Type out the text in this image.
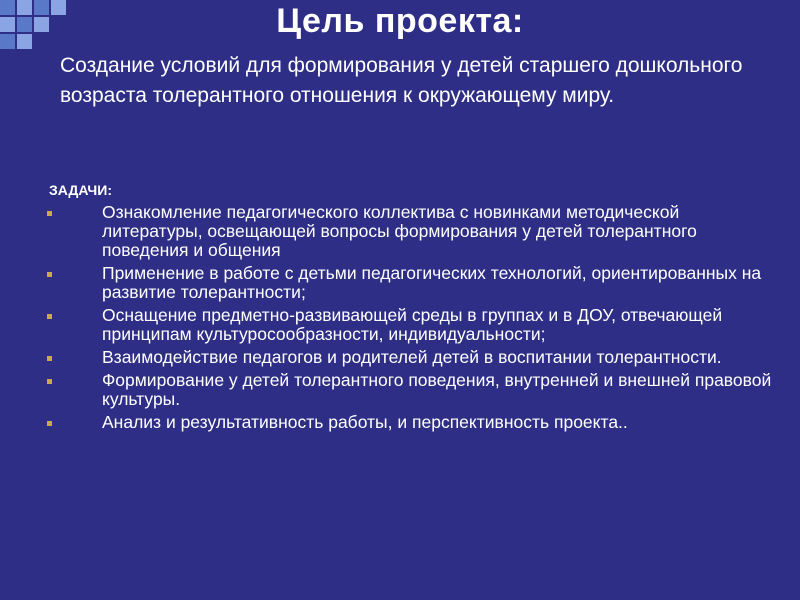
Цель проекта:

Создание условий для формирования у детей старшего дошкольного возраста толерантного отношения к окружающему миру.

ЗАДАЧИ:

Ознакомление педагогического коллектива с новинками методической литературы, освещающей вопросы формирования у детей толерантного поведения и общения
Применение в работе с детьми педагогических технологий, ориентированных на развитие толерантности;
Оснащение предметно-развивающей среды в группах и в ДОУ, отвечающей принципам культуросообразности, индивидуальности;
Взаимодействие педагогов и родителей детей в воспитании толерантности.
Формирование у детей толерантного поведения, внутренней и внешней правовой культуры.
Анализ и результативность работы, и перспективность проекта..
